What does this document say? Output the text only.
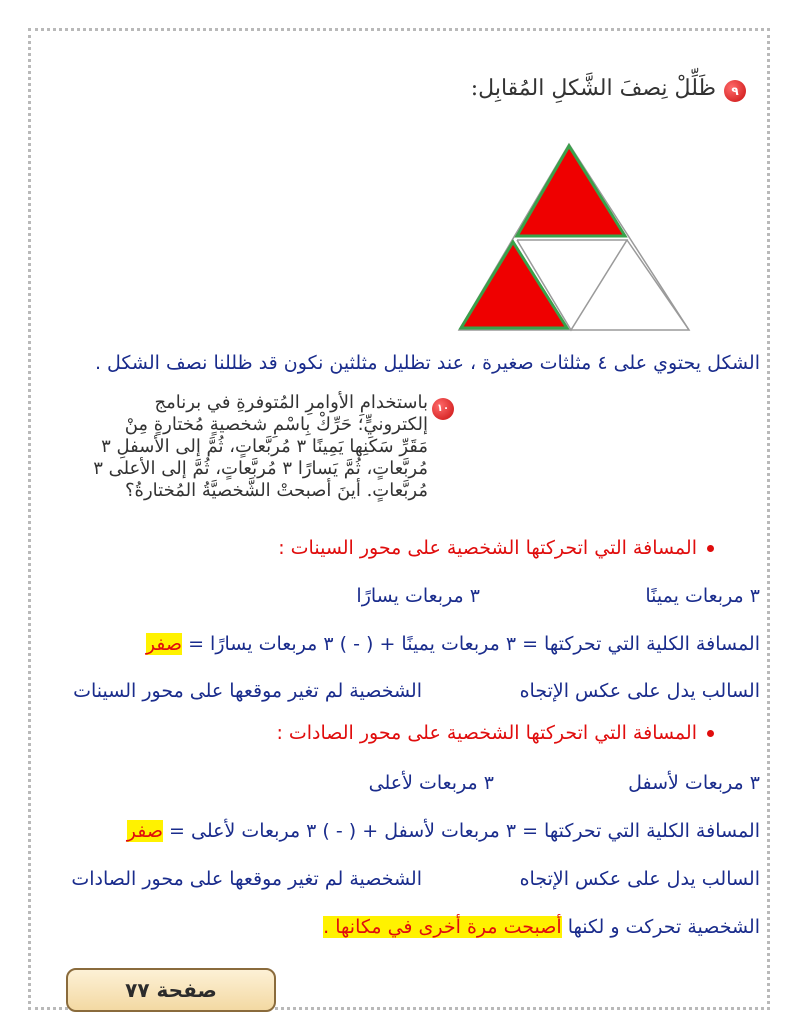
٩
ظَلِّلْ نِصفَ الشَّكلِ المُقابِل:
الشكل يحتوي على ٤ مثلثات صغيرة ، عند تظليل مثلثين نكون قد ظللنا نصف الشكل .
١٠
باستخدامِ الأوامرِ المُتوفرةِ في برنامج
إلكترونيٍّ؛ حَرِّكْ بِاسْمِ شخصيةٍ مُختارةٍ مِنْ
مَقَرِّ سَكَنِها يَمِينًا ٣ مُربَّعاتٍ، ثُمَّ إلى الأسفلِ ٣
مُربَّعاتٍ، ثُمَّ يَسارًا ٣ مُربَّعاتٍ، ثُمَّ إلى الأعلى ٣
مُربَّعاتٍ. أينَ أصبحتْ الشَّخصيَّةُ المُختارةُ؟
المسافة التي اتحركتها الشخصية على محور السينات :
٣ مربعات يمينًا
٣ مربعات يسارًا
المسافة الكلية التي تحركتها = ٣ مربعات يمينًا + ( - ) ٣ مربعات يسارًا = صفر
السالب يدل على عكس الإتجاه
الشخصية لم تغير موقعها على محور السينات
المسافة التي اتحركتها الشخصية على محور الصادات :
٣ مربعات لأسفل
٣ مربعات لأعلى
المسافة الكلية التي تحركتها = ٣ مربعات لأسفل + ( - ) ٣ مربعات لأعلى = صفر
السالب يدل على عكس الإتجاه
الشخصية لم تغير موقعها على محور الصادات
الشخصية تحركت و لكنها أصبحت مرة أخرى في مكانها .
صفحة ٧٧
